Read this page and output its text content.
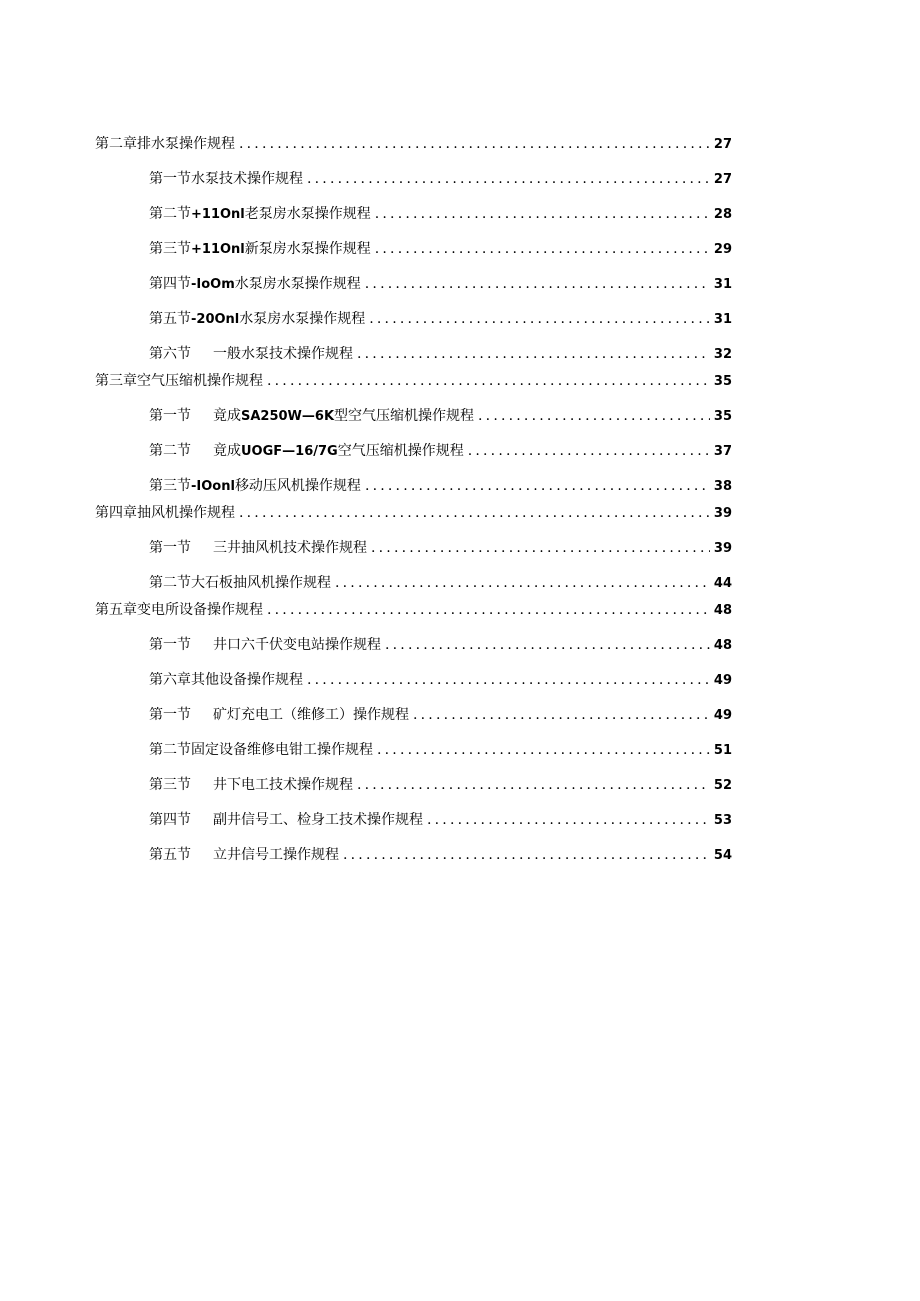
第二章排水泵操作规程 .....	27
第一节水泵技术操作规程 .....	27
第二节+11Onl老泵房水泵操作规程 .....	28
第三节+11Onl新泵房水泵操作规程 .....	29
第四节-IoOm水泵房水泵操作规程 .....	31
第五节-20Onl水泵房水泵操作规程 .....	31
第六节 一般水泵技术操作规程 .....	32
第三章空气压缩机操作规程 .....	35
第一节 竟成SA250W—6K型空气压缩机操作规程 .....	35
第二节 竟成UOGF—16/7G空气压缩机操作规程 .....	37
第三节-IOonl移动压风机操作规程 .....	38
第四章抽风机操作规程 .....	39
第一节 三井抽风机技术操作规程 .....	39
第二节大石板抽风机操作规程 .....	44
第五章变电所设备操作规程 .....	48
第一节 井口六千伏变电站操作规程 .....	48
第六章其他设备操作规程 .....	49
第一节 矿灯充电工（维修工）操作规程 .....	49
第二节固定设备维修电钳工操作规程 .....	51
第三节 井下电工技术操作规程 .....	52
第四节 副井信号工、检身工技术操作规程 .....	53
第五节 立井信号工操作规程 .....	54
